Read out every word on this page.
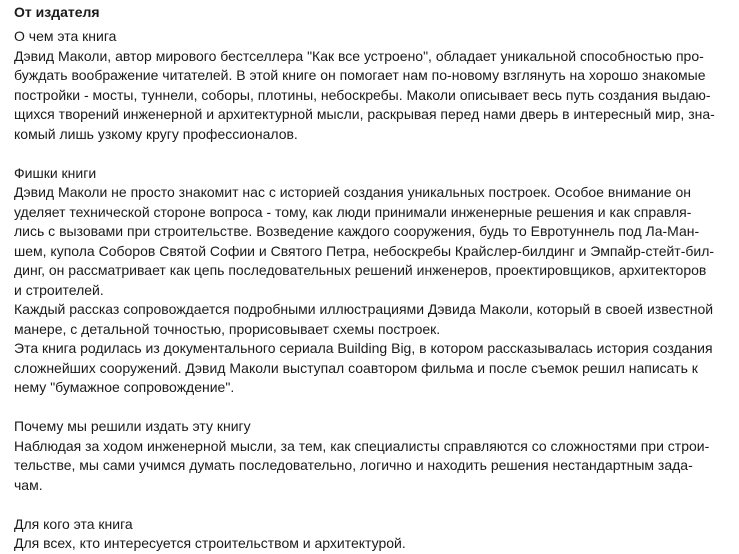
От издателя
О чем эта книга
Дэвид Маколи, автор мирового бестселлера "Как все устроено", обладает уникальной способностью про-
буждать воображение читателей. В этой книге он помогает нам по-новому взглянуть на хорошо знакомые
постройки - мосты, туннели, соборы, плотины, небоскребы. Маколи описывает весь путь создания выдаю-
щихся творений инженерной и архитектурной мысли, раскрывая перед нами дверь в интересный мир, зна-
комый лишь узкому кругу профессионалов.
Фишки книги
Дэвид Маколи не просто знакомит нас с историей создания уникальных построек. Особое внимание он
уделяет технической стороне вопроса - тому, как люди принимали инженерные решения и как справля-
лись с вызовами при строительстве. Возведение каждого сооружения, будь то Евротуннель под Ла-Ман-
шем, купола Соборов Святой Софии и Святого Петра, небоскребы Крайслер-билдинг и Эмпайр-стейт-бил-
динг, он рассматривает как цепь последовательных решений инженеров, проектировщиков, архитекторов
и строителей.
Каждый рассказ сопровождается подробными иллюстрациями Дэвида Маколи, который в своей известной
манере, с детальной точностью, прорисовывает схемы построек.
Эта книга родилась из документального сериала Building Big, в котором рассказывалась история создания
сложнейших сооружений. Дэвид Маколи выступал соавтором фильма и после съемок решил написать к
нему "бумажное сопровождение".
Почему мы решили издать эту книгу
Наблюдая за ходом инженерной мысли, за тем, как специалисты справляются со сложностями при строи-
тельстве, мы сами учимся думать последовательно, логично и находить решения нестандартным зада-
чам.
Для кого эта книга
Для всех, кто интересуется строительством и архитектурой.
